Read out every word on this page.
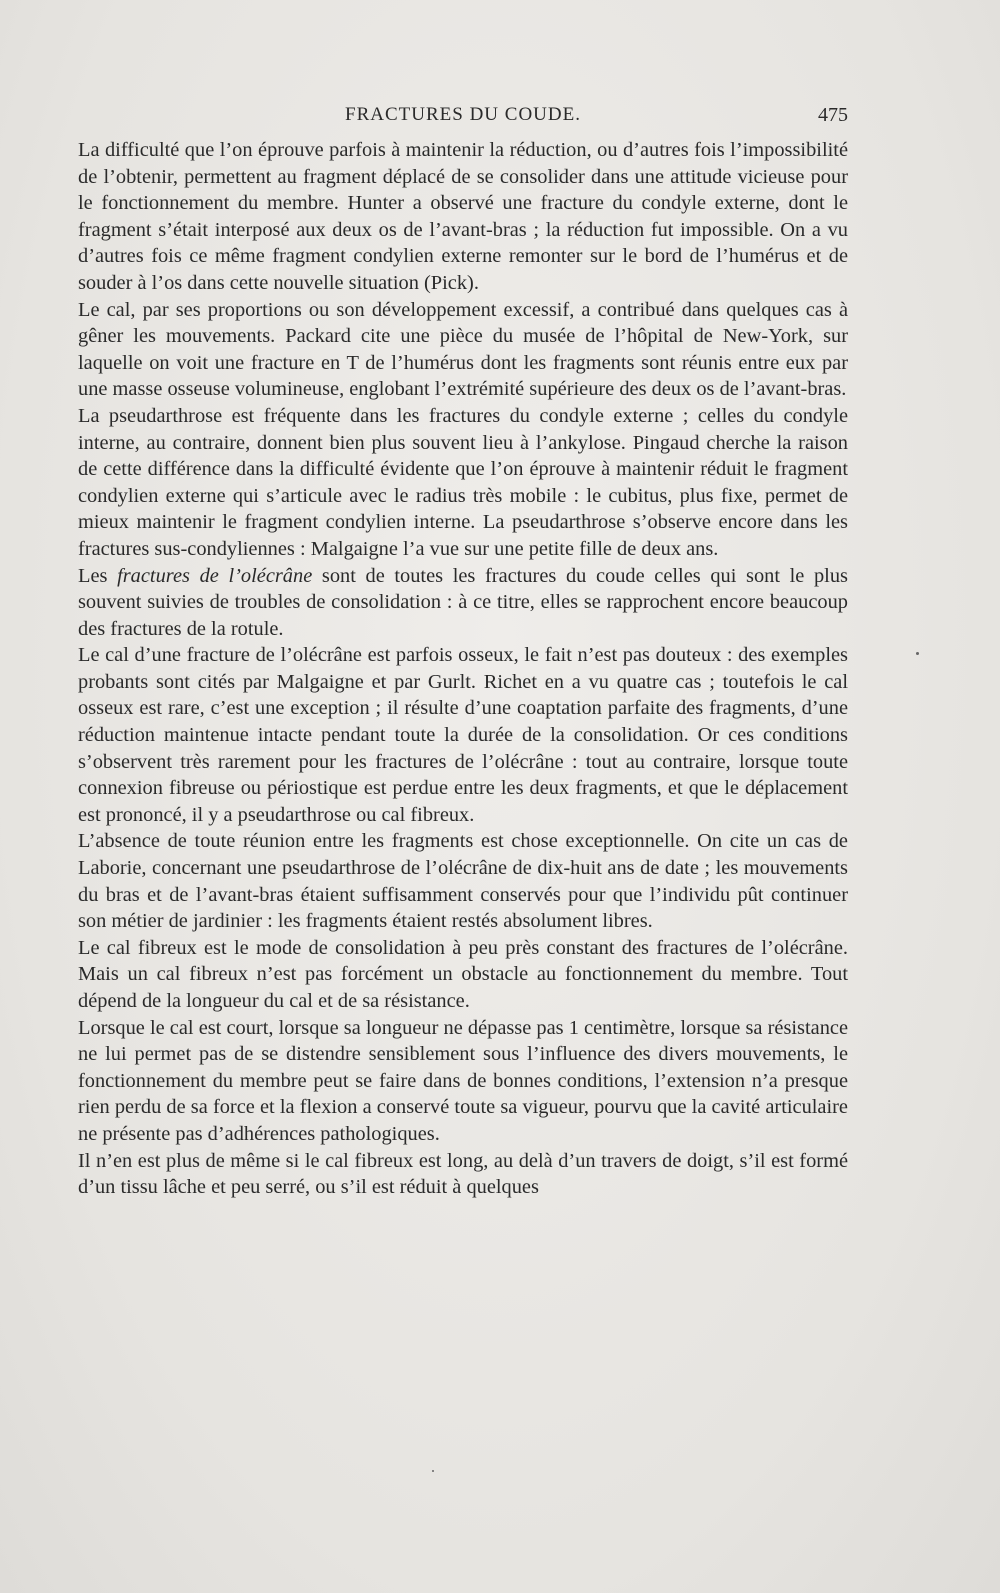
FRACTURES DU COUDE.	475

La difficulté que l’on éprouve parfois à maintenir la réduction, ou d’autres fois l’impossibilité de l’obtenir, permettent au fragment déplacé de se consolider dans une attitude vicieuse pour le fonctionnement du membre. Hunter a observé une fracture du condyle externe, dont le fragment s’était interposé aux deux os de l’avant-bras ; la réduction fut impossible. On a vu d’autres fois ce même fragment condylien externe remonter sur le bord de l’humérus et de souder à l’os dans cette nouvelle situation (Pick).

Le cal, par ses proportions ou son développement excessif, a contribué dans quelques cas à gêner les mouvements. Packard cite une pièce du musée de l’hôpital de New-York, sur laquelle on voit une fracture en T de l’humérus dont les fragments sont réunis entre eux par une masse osseuse volumineuse, englobant l’extrémité supérieure des deux os de l’avant-bras.

La pseudarthrose est fréquente dans les fractures du condyle externe ; celles du condyle interne, au contraire, donnent bien plus souvent lieu à l’ankylose. Pingaud cherche la raison de cette différence dans la difficulté évidente que l’on éprouve à maintenir réduit le fragment condylien externe qui s’articule avec le radius très mobile : le cubitus, plus fixe, permet de mieux maintenir le fragment condylien interne. La pseudarthrose s’observe encore dans les fractures sus-condyliennes : Malgaigne l’a vue sur une petite fille de deux ans.

Les fractures de l’olécrâne sont de toutes les fractures du coude celles qui sont le plus souvent suivies de troubles de consolidation : à ce titre, elles se rapprochent encore beaucoup des fractures de la rotule.

Le cal d’une fracture de l’olécrâne est parfois osseux, le fait n’est pas douteux : des exemples probants sont cités par Malgaigne et par Gurlt. Richet en a vu quatre cas ; toutefois le cal osseux est rare, c’est une exception ; il résulte d’une coaptation parfaite des fragments, d’une réduction maintenue intacte pendant toute la durée de la consolidation. Or ces conditions s’observent très rarement pour les fractures de l’olécrâne : tout au contraire, lorsque toute connexion fibreuse ou périostique est perdue entre les deux fragments, et que le déplacement est prononcé, il y a pseudarthrose ou cal fibreux.

L’absence de toute réunion entre les fragments est chose exceptionnelle. On cite un cas de Laborie, concernant une pseudarthrose de l’olécrâne de dix-huit ans de date ; les mouvements du bras et de l’avant-bras étaient suffisamment conservés pour que l’individu pût continuer son métier de jardinier : les fragments étaient restés absolument libres.

Le cal fibreux est le mode de consolidation à peu près constant des fractures de l’olécrâne. Mais un cal fibreux n’est pas forcément un obstacle au fonctionnement du membre. Tout dépend de la longueur du cal et de sa résistance.

Lorsque le cal est court, lorsque sa longueur ne dépasse pas 1 centimètre, lorsque sa résistance ne lui permet pas de se distendre sensiblement sous l’influence des divers mouvements, le fonctionnement du membre peut se faire dans de bonnes conditions, l’extension n’a presque rien perdu de sa force et la flexion a conservé toute sa vigueur, pourvu que la cavité articulaire ne présente pas d’adhérences pathologiques.

Il n’en est plus de même si le cal fibreux est long, au delà d’un travers de doigt, s’il est formé d’un tissu lâche et peu serré, ou s’il est réduit à quelques
